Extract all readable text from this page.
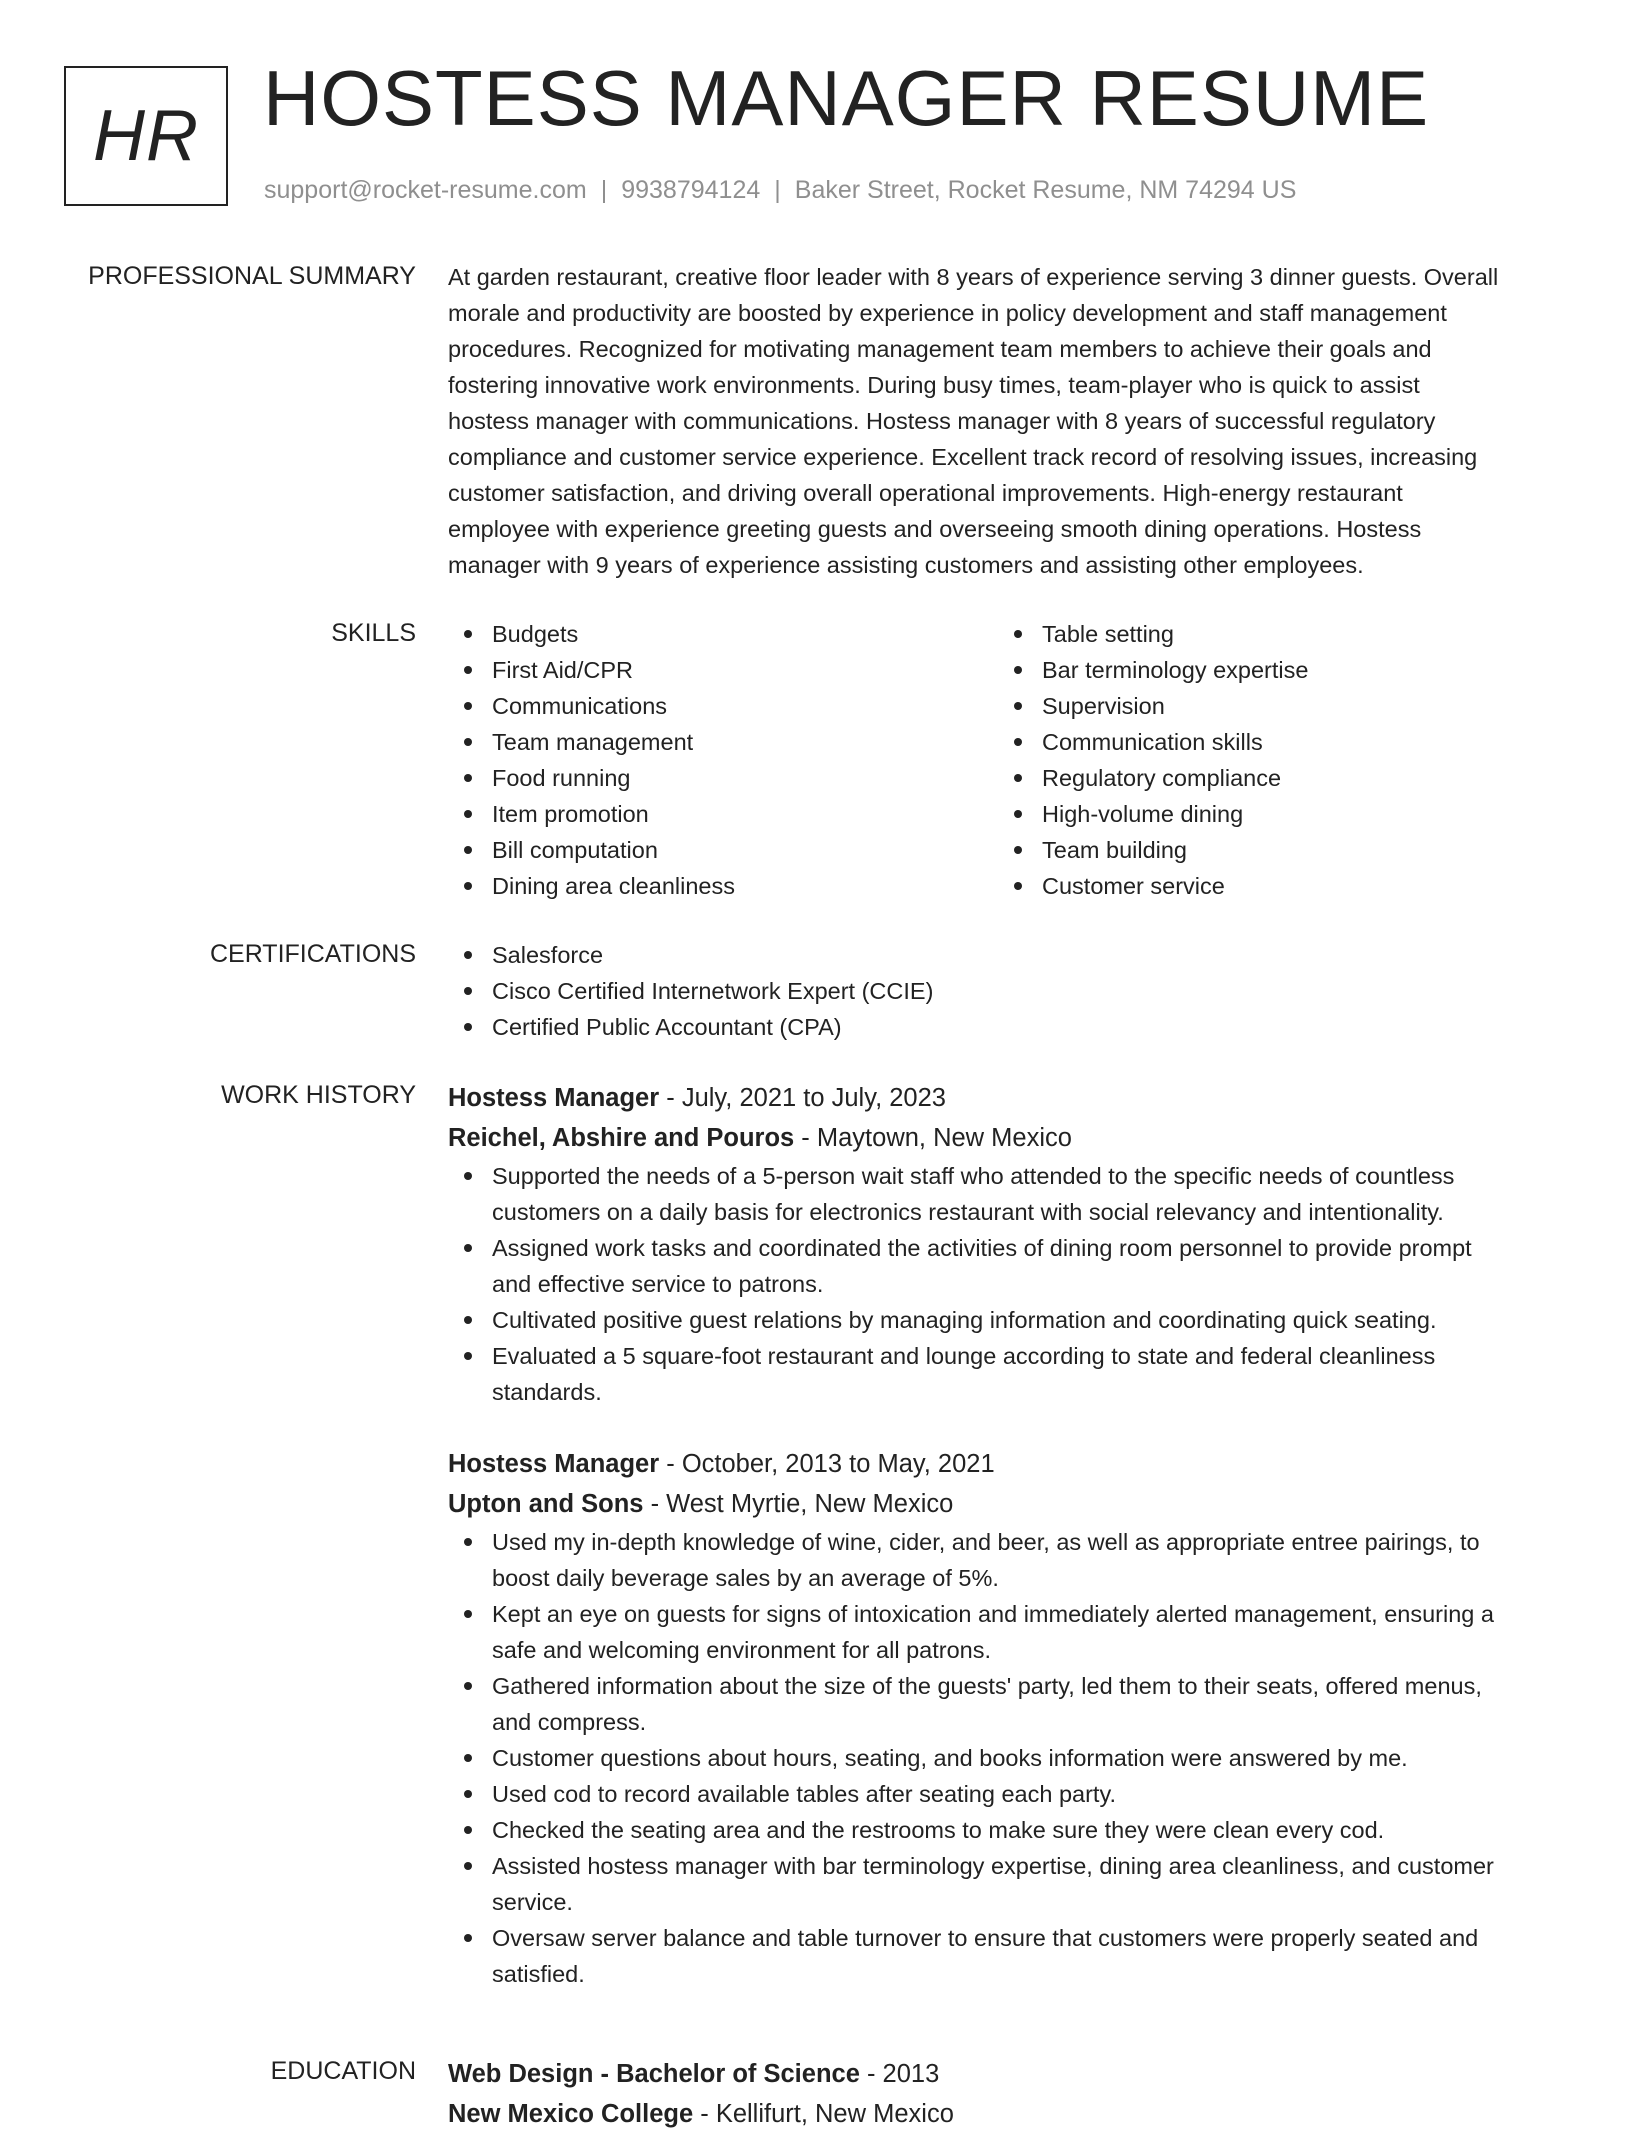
HR HOSTESS MANAGER RESUME
support@rocket-resume.com | 9938794124 | Baker Street, Rocket Resume, NM 74294 US
PROFESSIONAL SUMMARY At garden restaurant, creative floor leader with 8 years of experience serving 3 dinner guests. Overall
morale and productivity are boosted by experience in policy development and staff management
procedures. Recognized for motivating management team members to achieve their goals and
fostering innovative work environments. During busy times, team-player who is quick to assist
hostess manager with communications. Hostess manager with 8 years of successful regulatory
compliance and customer service experience. Excellent track record of resolving issues, increasing
customer satisfaction, and driving overall operational improvements. High-energy restaurant
employee with experience greeting guests and overseeing smooth dining operations. Hostess
manager with 9 years of experience assisting customers and assisting other employees.
SKILLS	Budgets
First Aid/CPR
Communications
Team management
Food running
Item promotion
Bill computation
Dining area cleanliness
Table setting
Bar terminology expertise
Supervision
Communication skills
Regulatory compliance
High-volume dining
Team building
Customer service
CERTIFICATIONS	Salesforce
Cisco Certified Internetwork Expert (CCIE)
Certified Public Accountant (CPA)
WORK HISTORY Hostess Manager - July, 2021 to July, 2023
Reichel, Abshire and Pouros - Maytown, New Mexico
Supported the needs of a 5-person wait staff who attended to the specific needs of countless
customers on a daily basis for electronics restaurant with social relevancy and intentionality.
Assigned work tasks and coordinated the activities of dining room personnel to provide prompt
and effective service to patrons.
Cultivated positive guest relations by managing information and coordinating quick seating.
Evaluated a 5 square-foot restaurant and lounge according to state and federal cleanliness
standards.
Hostess Manager - October, 2013 to May, 2021
Upton and Sons - West Myrtie, New Mexico
Used my in-depth knowledge of wine, cider, and beer, as well as appropriate entree pairings, to
boost daily beverage sales by an average of 5%.
Kept an eye on guests for signs of intoxication and immediately alerted management, ensuring a
safe and welcoming environment for all patrons.
Gathered information about the size of the guests' party, led them to their seats, offered menus,
and compress.
Customer questions about hours, seating, and books information were answered by me.
Used cod to record available tables after seating each party.
Checked the seating area and the restrooms to make sure they were clean every cod.
Assisted hostess manager with bar terminology expertise, dining area cleanliness, and customer
service.
Oversaw server balance and table turnover to ensure that customers were properly seated and
satisfied.
EDUCATION Web Design - Bachelor of Science - 2013
New Mexico College - Kellifurt, New Mexico
